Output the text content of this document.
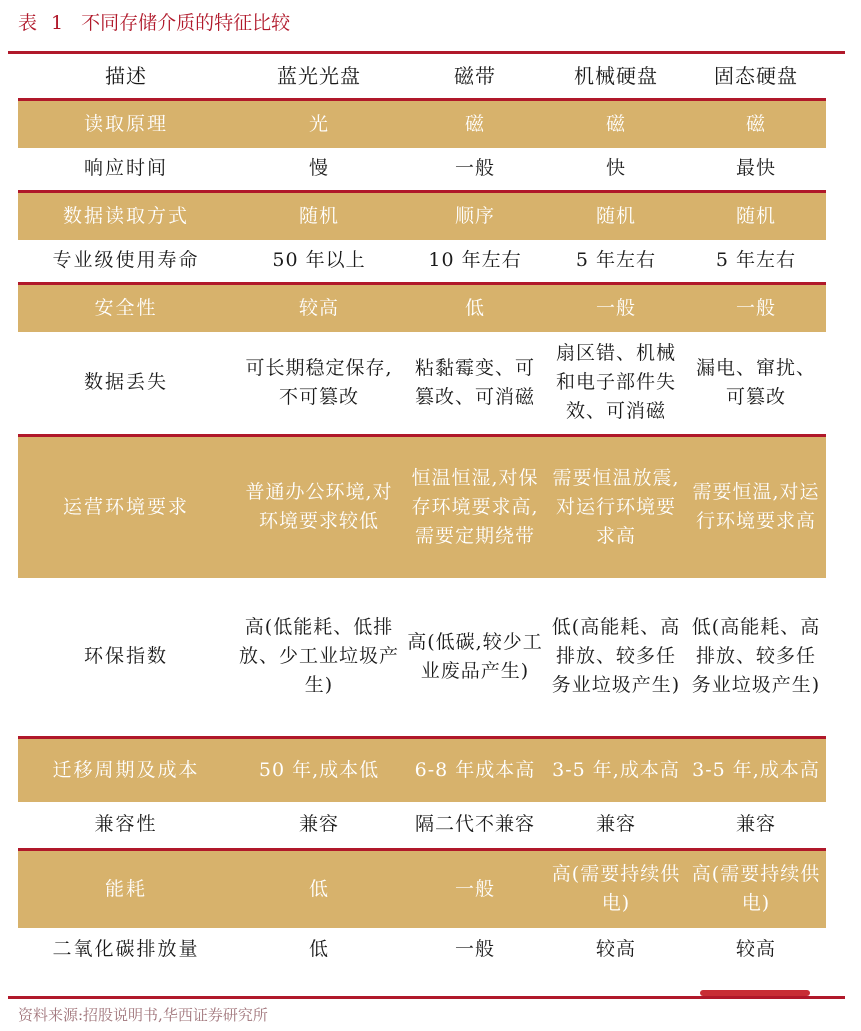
表 1 不同存储介质的特征比较
描述	蓝光光盘	磁带	机械硬盘	固态硬盘
读取原理	光	磁	磁	磁
响应时间	慢	一般	快	最快
数据读取方式	随机	顺序	随机	随机
专业级使用寿命	50 年以上	10 年左右	5 年左右	5 年左右
安全性	较高	低	一般	一般
数据丢失	可长期稳定保存,不可篡改	粘黏霉变、可篡改、可消磁	扇区错、机械和电子部件失效、可消磁	漏电、窜扰、可篡改
运营环境要求	普通办公环境,对环境要求较低	恒温恒湿,对保存环境要求高,需要定期绕带	需要恒温放震,对运行环境要求高	需要恒温,对运行环境要求高
环保指数	高(低能耗、低排放、少工业垃圾产生)	高(低碳,较少工业废品产生)	低(高能耗、高排放、较多任务业垃圾产生)	低(高能耗、高排放、较多任务业垃圾产生)
迁移周期及成本	50 年,成本低	6-8 年成本高	3-5 年,成本高	3-5 年,成本高
兼容性	兼容	隔二代不兼容	兼容	兼容
能耗	低	一般	高(需要持续供电)	高(需要持续供电)
二氧化碳排放量	低	一般	较高	较高
资料来源:招股说明书,华西证券研究所
